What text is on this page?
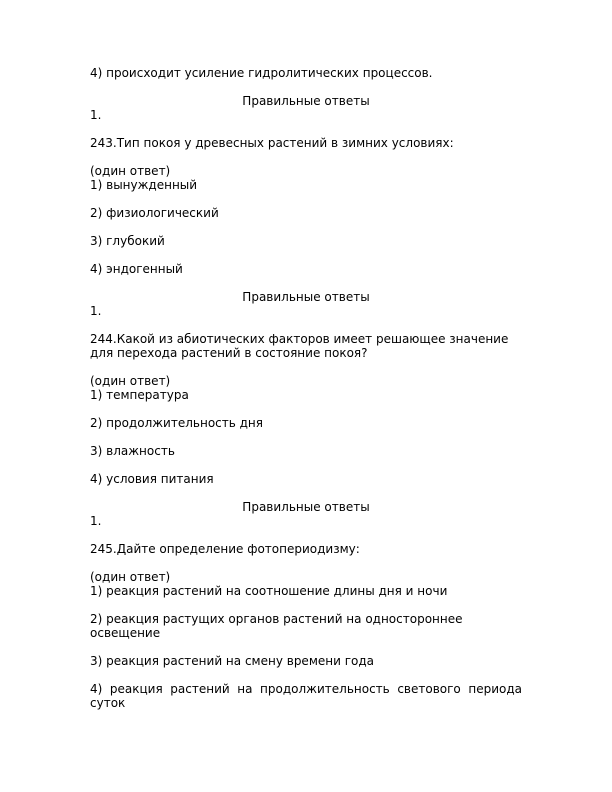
4) происходит усиление гидролитических процессов.
Правильные ответы
1.
243.Тип покоя у древесных растений в зимних условиях:
(один ответ)
1) вынужденный
2) физиологический
3) глубокий
4) эндогенный
Правильные ответы
1.
244.Какой из абиотических факторов имеет решающее значение
для перехода растений в состояние покоя?
(один ответ)
1) температура
2) продолжительность дня
3) влажность
4) условия питания
Правильные ответы
1.
245.Дайте определение фотопериодизму:
(один ответ)
1) реакция растений на соотношение длины дня и ночи
2) реакция растущих органов растений на одностороннее
освещение
3) реакция растений на смену времени года
4) реакция растений на продолжительность светового периода
суток
